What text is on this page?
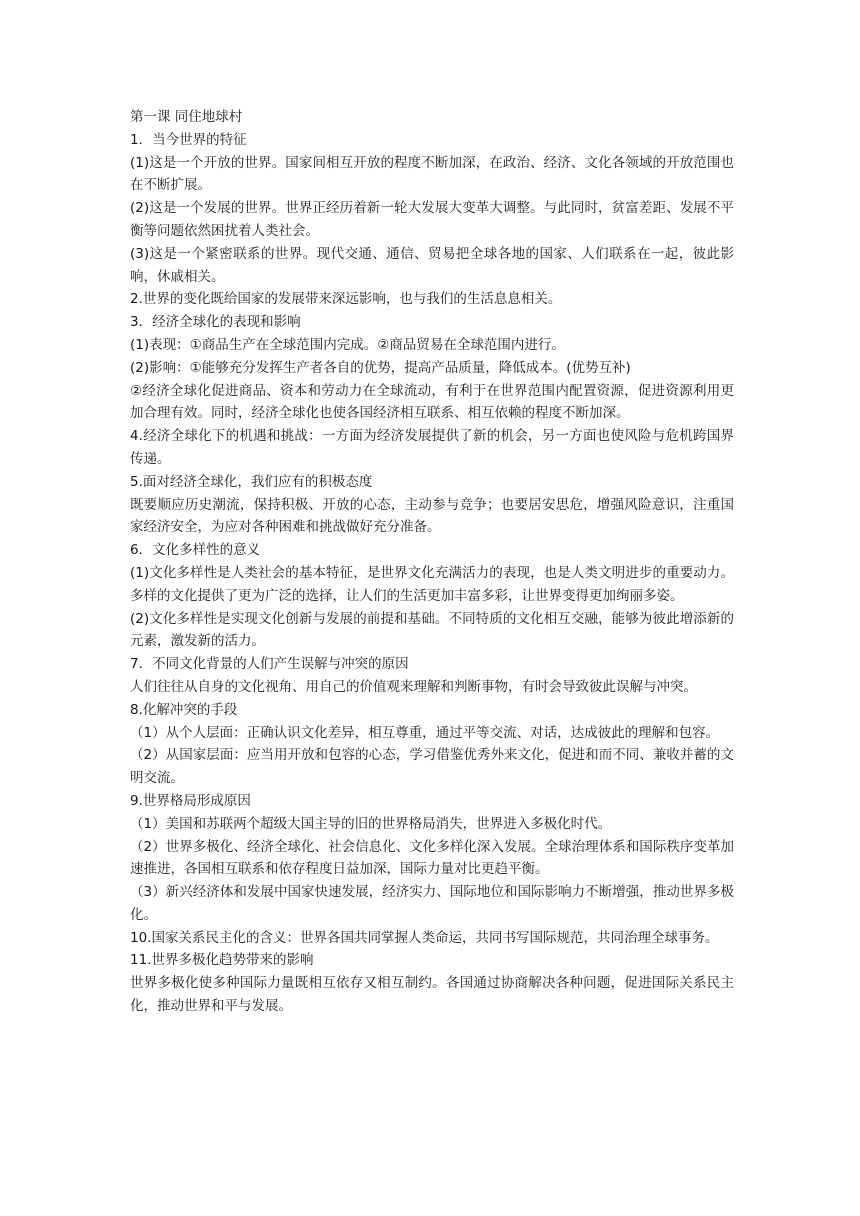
第一课 同住地球村

1．当今世界的特征

(1)这是一个开放的世界。国家间相互开放的程度不断加深，在政治、经济、文化各领域的开放范围也在不断扩展。

(2)这是一个发展的世界。世界正经历着新一轮大发展大变革大调整。与此同时，贫富差距、发展不平衡等问题依然困扰着人类社会。

(3)这是一个紧密联系的世界。现代交通、通信、贸易把全球各地的国家、人们联系在一起，彼此影响，休戚相关。

2.世界的变化既给国家的发展带来深远影响，也与我们的生活息息相关。

3．经济全球化的表现和影响

(1)表现：①商品生产在全球范围内完成。②商品贸易在全球范围内进行。

(2)影响：①能够充分发挥生产者各自的优势，提高产品质量，降低成本。(优势互补)

②经济全球化促进商品、资本和劳动力在全球流动，有利于在世界范围内配置资源，促进资源利用更加合理有效。同时，经济全球化也使各国经济相互联系、相互依赖的程度不断加深。

4.经济全球化下的机遇和挑战：一方面为经济发展提供了新的机会，另一方面也使风险与危机跨国界传递。

5.面对经济全球化，我们应有的积极态度

既要顺应历史潮流，保持积极、开放的心态，主动参与竞争；也要居安思危，增强风险意识，注重国家经济安全，为应对各种困难和挑战做好充分准备。

6．文化多样性的意义

(1)文化多样性是人类社会的基本特征，是世界文化充满活力的表现，也是人类文明进步的重要动力。多样的文化提供了更为广泛的选择，让人们的生活更加丰富多彩，让世界变得更加绚丽多姿。

(2)文化多样性是实现文化创新与发展的前提和基础。不同特质的文化相互交融，能够为彼此增添新的元素，激发新的活力。

7．不同文化背景的人们产生误解与冲突的原因

人们往往从自身的文化视角、用自己的价值观来理解和判断事物，有时会导致彼此误解与冲突。

8.化解冲突的手段

（1）从个人层面：正确认识文化差异，相互尊重，通过平等交流、对话，达成彼此的理解和包容。

（2）从国家层面：应当用开放和包容的心态，学习借鉴优秀外来文化，促进和而不同、兼收并蓄的文明交流。

9.世界格局形成原因

（1）美国和苏联两个超级大国主导的旧的世界格局消失，世界进入多极化时代。

（2）世界多极化、经济全球化、社会信息化、文化多样化深入发展。全球治理体系和国际秩序变革加速推进，各国相互联系和依存程度日益加深，国际力量对比更趋平衡。

（3）新兴经济体和发展中国家快速发展，经济实力、国际地位和国际影响力不断增强，推动世界多极化。

10.国家关系民主化的含义：世界各国共同掌握人类命运，共同书写国际规范，共同治理全球事务。

11.世界多极化趋势带来的影响

世界多极化使多种国际力量既相互依存又相互制约。各国通过协商解决各种问题，促进国际关系民主化，推动世界和平与发展。
